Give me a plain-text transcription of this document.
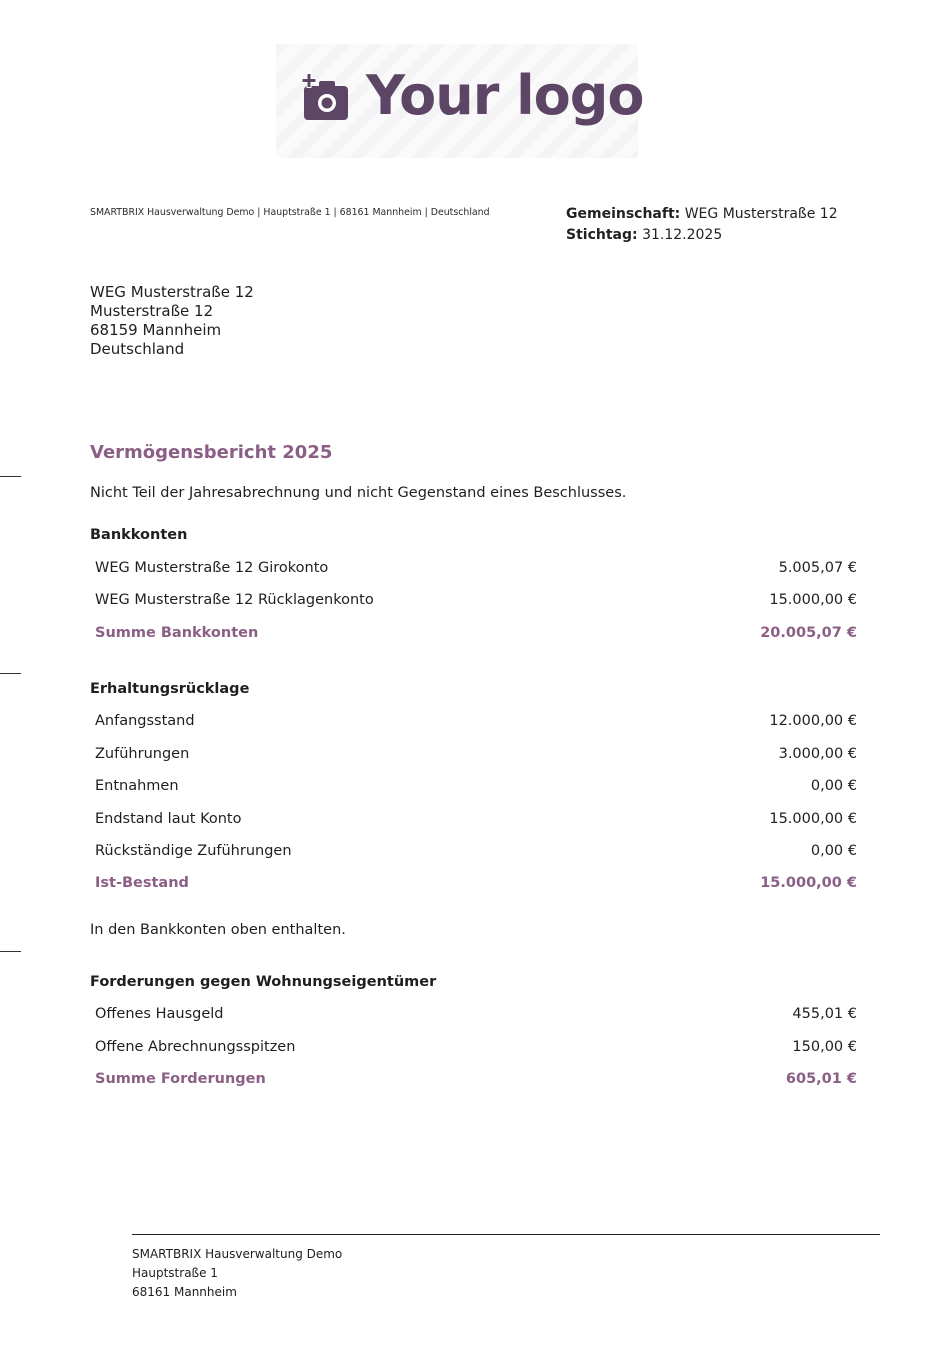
Your logo
SMARTBRIX Hausverwaltung Demo | Hauptstraße 1 | 68161 Mannheim | Deutschland	Gemeinschaft: WEG Musterstraße 12
Stichtag: 31.12.2025
WEG Musterstraße 12
Musterstraße 12
68159 Mannheim
Deutschland
Vermögensbericht 2025
Nicht Teil der Jahresabrechnung und nicht Gegenstand eines Beschlusses.
Bankkonten
WEG Musterstraße 12 Girokonto	5.005,07 €
WEG Musterstraße 12 Rücklagenkonto	15.000,00 €
Summe Bankkonten	20.005,07 €
Erhaltungsrücklage
Anfangsstand	12.000,00 €
Zuführungen	3.000,00 €
Entnahmen	0,00 €
Endstand laut Konto	15.000,00 €
Rückständige Zuführungen	0,00 €
Ist-Bestand	15.000,00 €
In den Bankkonten oben enthalten.
Forderungen gegen Wohnungseigentümer
Offenes Hausgeld	455,01 €
Offene Abrechnungsspitzen	150,00 €
Summe Forderungen	605,01 €
SMARTBRIX Hausverwaltung Demo
Hauptstraße 1
68161 Mannheim
